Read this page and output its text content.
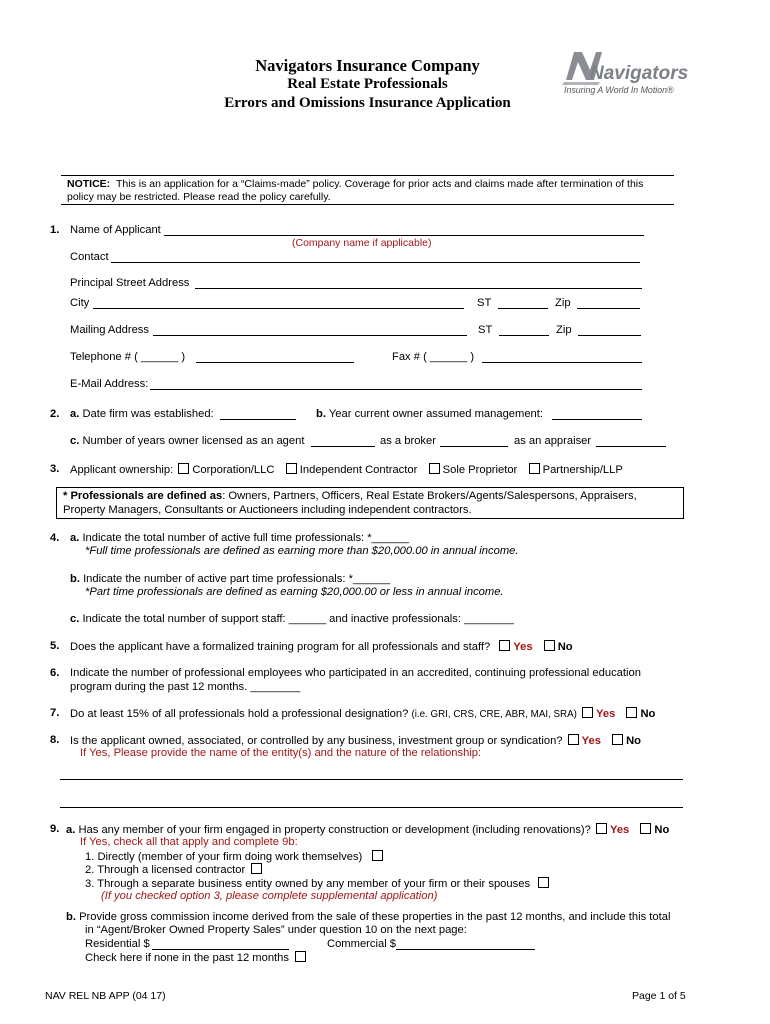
Navigators Insurance Company
Real Estate Professionals
Errors and Omissions Insurance Application
Navigators
Insuring A World In Motion®
NOTICE: This is an application for a “Claims-made” policy. Coverage for prior acts and claims made after termination of this
policy may be restricted. Please read the policy carefully.
1. Name of Applicant
(Company name if applicable)
Contact
Principal Street Address
City	ST	Zip
Mailing Address	ST	Zip
Telephone # ( ______ )	Fax # ( ______ )
E-Mail Address:
2. a. Date firm was established:	b. Year current owner assumed management:
c. Number of years owner licensed as an agent	as a broker	as an appraiser
3. Applicant ownership: Corporation/LLC Independent Contractor Sole Proprietor Partnership/LLP
* Professionals are defined as: Owners, Partners, Officers, Real Estate Brokers/Agents/Salespersons, Appraisers,
Property Managers, Consultants or Auctioneers including independent contractors.
4. a. Indicate the total number of active full time professionals: *______
*Full time professionals are defined as earning more than $20,000.00 in annual income.
b. Indicate the number of active part time professionals: *______
*Part time professionals are defined as earning $20,000.00 or less in annual income.
c. Indicate the total number of support staff: ______ and inactive professionals: ________
5. Does the applicant have a formalized training program for all professionals and staff? Yes No
6. Indicate the number of professional employees who participated in an accredited, continuing professional education
program during the past 12 months. ________
7. Do at least 15% of all professionals hold a professional designation? (i.e. GRI, CRS, CRE, ABR, MAI, SRA) Yes No
8. Is the applicant owned, associated, or controlled by any business, investment group or syndication? Yes No
If Yes, Please provide the name of the entity(s) and the nature of the relationship:
9. a. Has any member of your firm engaged in property construction or development (including renovations)? Yes No
If Yes, check all that apply and complete 9b:
1. Directly (member of your firm doing work themselves)
2. Through a licensed contractor
3. Through a separate business entity owned by any member of your firm or their spouses
(If you checked option 3, please complete supplemental application)
b. Provide gross commission income derived from the sale of these properties in the past 12 months, and include this total
in “Agent/Broker Owned Property Sales” under question 10 on the next page:
Residential $	Commercial $
Check here if none in the past 12 months
NAV REL NB APP (04 17)	Page 1 of 5
